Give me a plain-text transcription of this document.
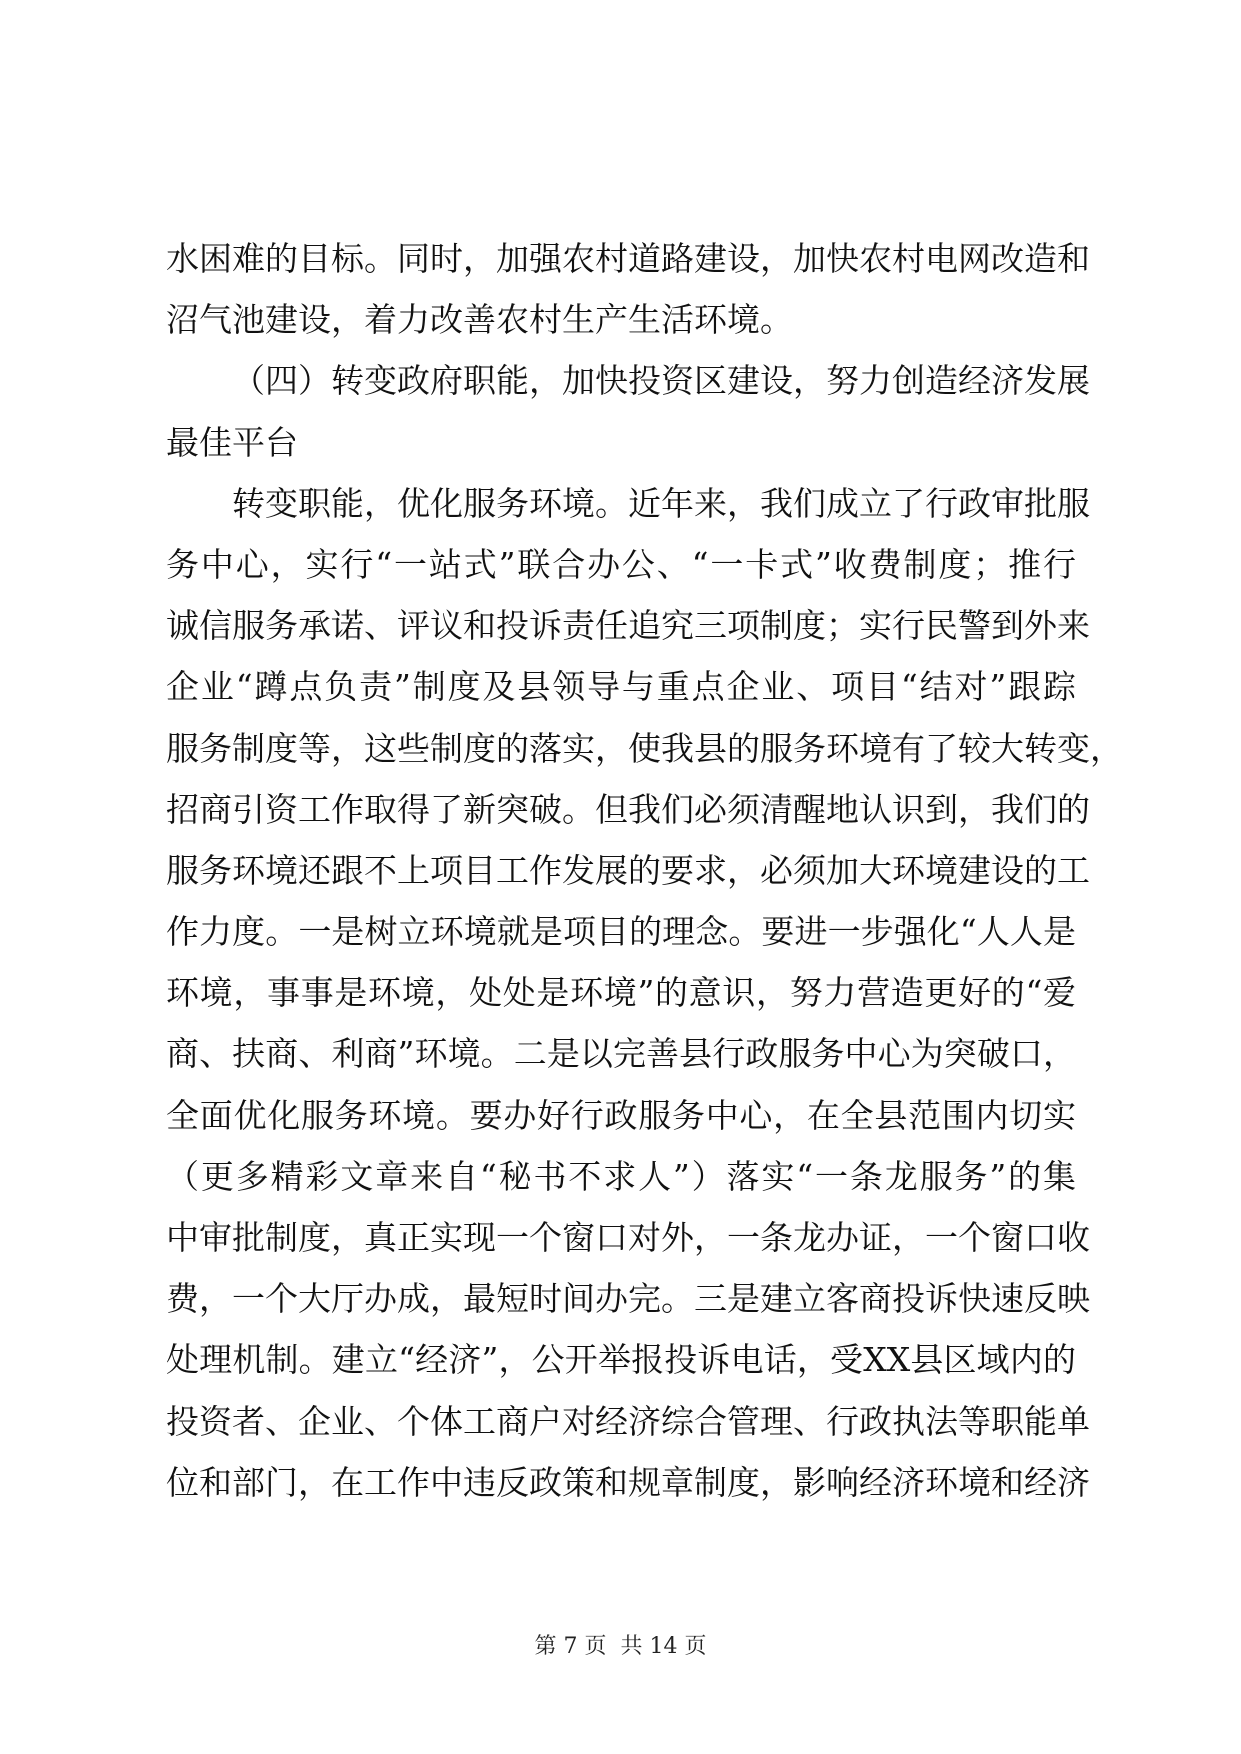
水困难的目标。同时，加强农村道路建设，加快农村电网改造和
沼气池建设，着力改善农村生产生活环境。
（四）转变政府职能，加快投资区建设，努力创造经济发展
最佳平台
转变职能，优化服务环境。近年来，我们成立了行政审批服
务中心，实行“一站式”联合办公、“一卡式”收费制度；推行
诚信服务承诺、评议和投诉责任追究三项制度；实行民警到外来
企业“蹲点负责”制度及县领导与重点企业、项目“结对”跟踪
服务制度等，这些制度的落实，使我县的服务环境有了较大转变，
招商引资工作取得了新突破。但我们必须清醒地认识到，我们的
服务环境还跟不上项目工作发展的要求，必须加大环境建设的工
作力度。一是树立环境就是项目的理念。要进一步强化“人人是
环境，事事是环境，处处是环境”的意识，努力营造更好的“爱
商、扶商、利商”环境。二是以完善县行政服务中心为突破口，
全面优化服务环境。要办好行政服务中心，在全县范围内切实
（更多精彩文章来自“秘书不求人”）落实“一条龙服务”的集
中审批制度，真正实现一个窗口对外，一条龙办证，一个窗口收
费，一个大厅办成，最短时间办完。三是建立客商投诉快速反映
处理机制。建立“经济”，公开举报投诉电话，受XX县区域内的
投资者、企业、个体工商户对经济综合管理、行政执法等职能单
位和部门，在工作中违反政策和规章制度，影响经济环境和经济
第 7 页  共 14 页
